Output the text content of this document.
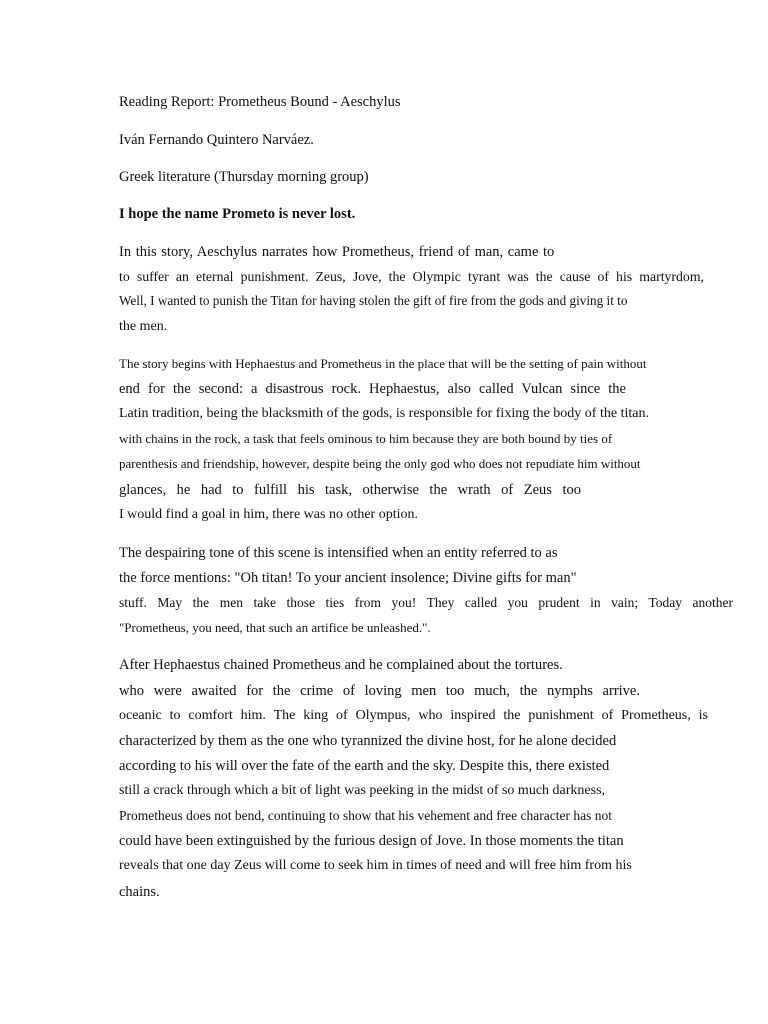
Reading Report: Prometheus Bound - Aeschylus
Iván Fernando Quintero Narváez.
Greek literature (Thursday morning group)
I hope the name Prometo is never lost.
In this story, Aeschylus narrates how Prometheus, friend of man, came to
to suffer an eternal punishment. Zeus, Jove, the Olympic tyrant was the cause of his martyrdom,
Well, I wanted to punish the Titan for having stolen the gift of fire from the gods and giving it to
the men.
The story begins with Hephaestus and Prometheus in the place that will be the setting of pain without
end for the second: a disastrous rock. Hephaestus, also called Vulcan since the
Latin tradition, being the blacksmith of the gods, is responsible for fixing the body of the titan.
with chains in the rock, a task that feels ominous to him because they are both bound by ties of
parenthesis and friendship, however, despite being the only god who does not repudiate him without
glances, he had to fulfill his task, otherwise the wrath of Zeus too
I would find a goal in him, there was no other option.
The despairing tone of this scene is intensified when an entity referred to as
the force mentions: "Oh titan! To your ancient insolence; Divine gifts for man"
stuff. May the men take those ties from you! They called you prudent in vain; Today another
"Prometheus, you need, that such an artifice be unleashed.".
After Hephaestus chained Prometheus and he complained about the tortures.
who were awaited for the crime of loving men too much, the nymphs arrive.
oceanic to comfort him. The king of Olympus, who inspired the punishment of Prometheus, is
characterized by them as the one who tyrannized the divine host, for he alone decided
according to his will over the fate of the earth and the sky. Despite this, there existed
still a crack through which a bit of light was peeking in the midst of so much darkness,
Prometheus does not bend, continuing to show that his vehement and free character has not
could have been extinguished by the furious design of Jove. In those moments the titan
reveals that one day Zeus will come to seek him in times of need and will free him from his
chains.
